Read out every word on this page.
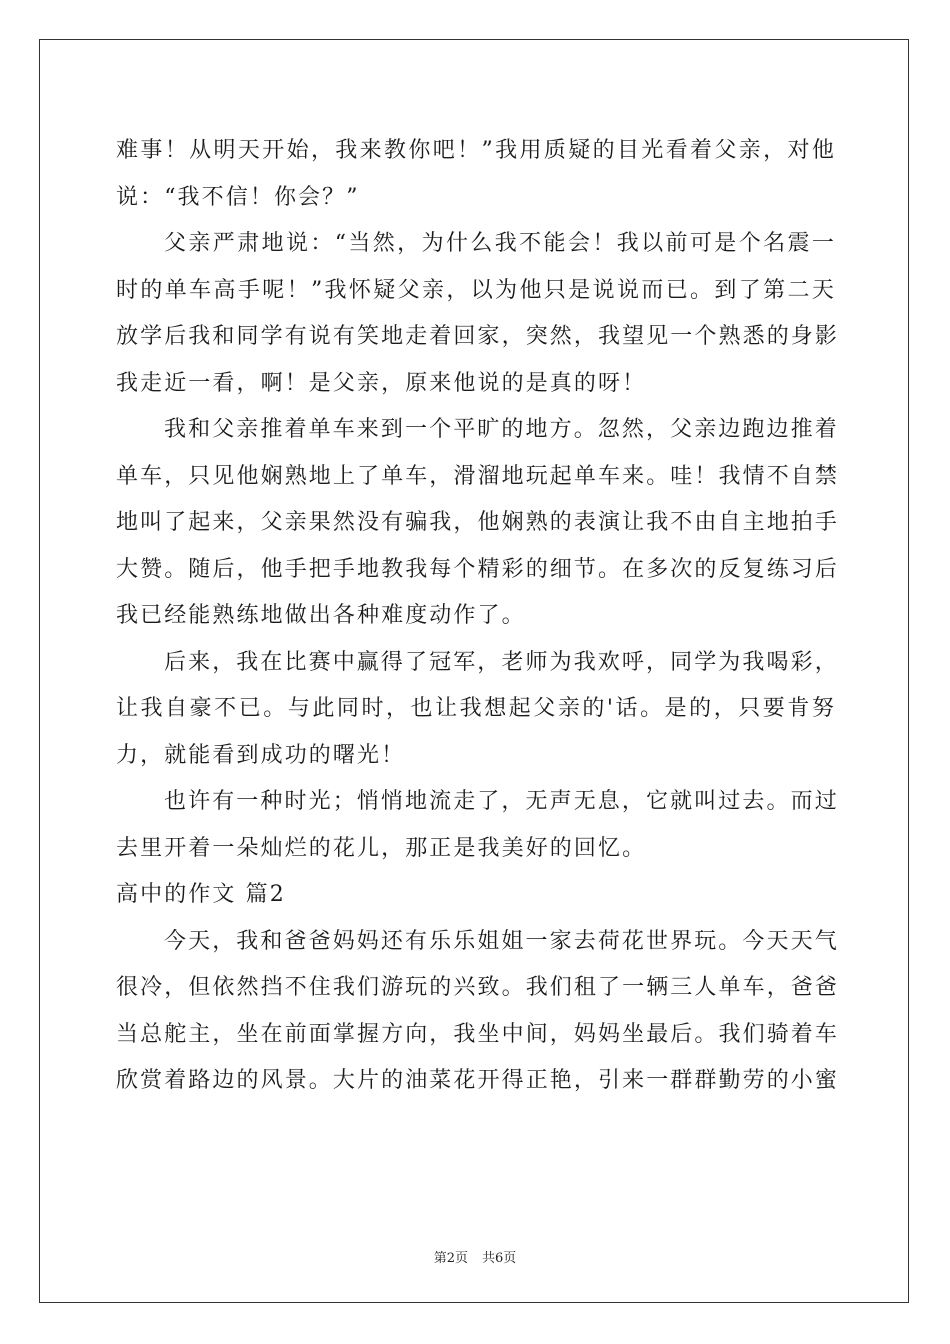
难事！从明天开始，我来教你吧！”我用质疑的目光看着父亲，对他
说：“我不信！你会？”
父亲严肃地说：“当然，为什么我不能会！我以前可是个名震一
时的单车高手呢！”我怀疑父亲，以为他只是说说而已。到了第二天
放学后我和同学有说有笑地走着回家，突然，我望见一个熟悉的身影
我走近一看，啊！是父亲，原来他说的是真的呀！
我和父亲推着单车来到一个平旷的地方。忽然，父亲边跑边推着
单车，只见他娴熟地上了单车，滑溜地玩起单车来。哇！我情不自禁
地叫了起来，父亲果然没有骗我，他娴熟的表演让我不由自主地拍手
大赞。随后，他手把手地教我每个精彩的细节。在多次的反复练习后
我已经能熟练地做出各种难度动作了。
后来，我在比赛中赢得了冠军，老师为我欢呼，同学为我喝彩，
让我自豪不已。与此同时，也让我想起父亲的'话。是的，只要肯努
力，就能看到成功的曙光！
也许有一种时光；悄悄地流走了，无声无息，它就叫过去。而过
去里开着一朵灿烂的花儿，那正是我美好的回忆。
高中的作文 篇2
今天，我和爸爸妈妈还有乐乐姐姐一家去荷花世界玩。今天天气
很冷，但依然挡不住我们游玩的兴致。我们租了一辆三人单车，爸爸
当总舵主，坐在前面掌握方向，我坐中间，妈妈坐最后。我们骑着车
欣赏着路边的风景。大片的油菜花开得正艳，引来一群群勤劳的小蜜
第2页 共6页
